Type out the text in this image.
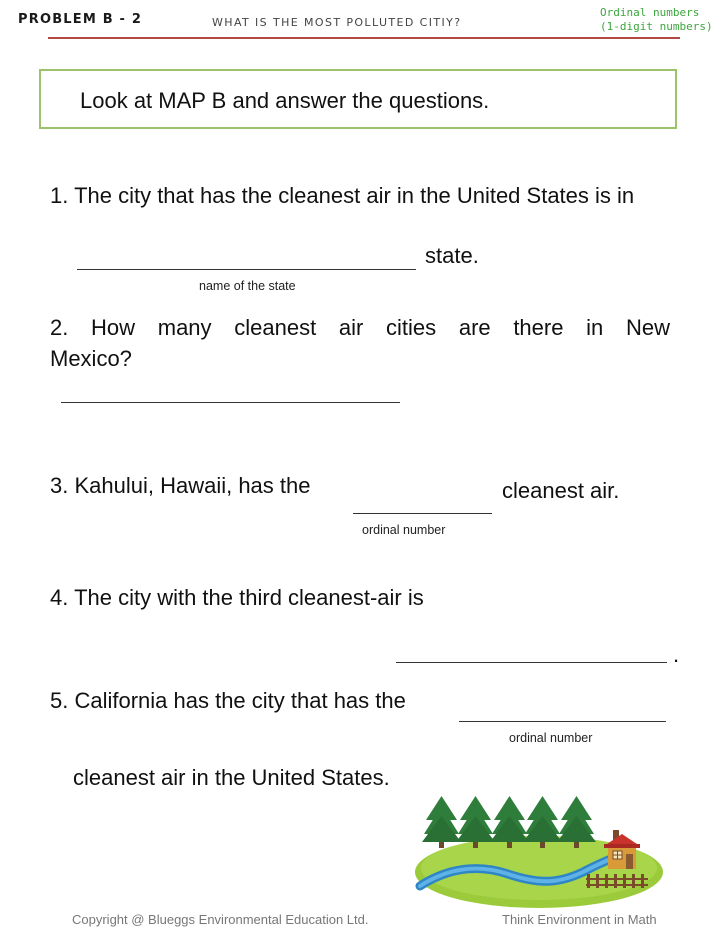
PROBLEM B - 2	WHAT IS THE MOST POLLUTED CITIY?
Ordinal numbers
(1-digit numbers)
Look at MAP B and answer the questions.
1. The city that has the cleanest air in the United States is in
state.
name of the state
2. How many cleanest air cities are there in New
Mexico?
3. Kahului, Hawaii, has the	cleanest air.
ordinal number
4. The city with the third cleanest-air is
.
5. California has the city that has the
ordinal number
cleanest air in the United States.
Copyright @ Blueggs Environmental Education Ltd.	Think Environment in Math
